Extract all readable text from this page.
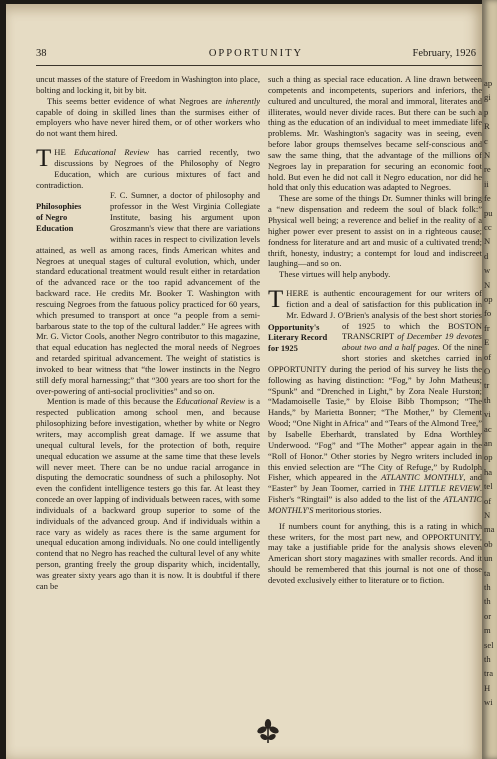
38	OPPORTUNITY	February, 1926

uncut masses of the stature of Freedom in Washington into place, bolting and locking it, bit by bit.

This seems better evidence of what Negroes are inherently capable of doing in skilled lines than the surmises either of employers who have never hired them, or of other workers who do not want them hired.

THE Educational Review has carried recently, two discussions by Negroes of the Philosophy of Negro Education, which are curious mixtures of fact and contradiction.

Philosophies
of Negro
Education
F. C. Sumner, a doctor of philosophy and professor in the West Virginia Collegiate Institute, basing his argument upon Groszmann's view that there are variations within races in respect to civilization levels attained, as well as among races, finds American whites and Negroes at unequal stages of cultural evolution, which, under standard educational treatment would result either in retardation of the advanced race or the too rapid advancement of the backward race. He credits Mr. Booker T. Washington with rescuing Negroes from the fatuous policy practiced for 60 years, which presumed to transport at once “a people from a semi-barbarous state to the top of the cultural ladder.” He agrees with Mr. G. Victor Cools, another Negro contributor to this magazine, that equal education has neglected the moral needs of Negroes and retarded spiritual advancement. The weight of statistics is invoked to bear witness that “the lower instincts in the Negro still defy moral harnessing;” that “300 years are too short for the over-powering of anti-social proclivities” and so on.

Mention is made of this because the Educational Review is a respected publication among school men, and because philosophizing before investigation, whether by white or Negro writers, may accomplish great damage. If we assume that unequal cultural levels, for the protection of both, require unequal education we assume at the same time that these levels will never meet. There can be no undue racial arrogance in disputing the democratic soundness of such a philosophy. Not even the confident intelligence testers go this far. At least they concede an over lapping of individuals between races, with some individuals of a backward group superior to some of the individuals of the advanced group. And if individuals within a race vary as widely as races there is the same argument for unequal education among individuals. No one could intelligently contend that no Negro has reached the cultural level of any white person, granting freely the group disparity which, incidentally, was greater sixty years ago than it is now. It is doubtful if there can be

such a thing as special race education. A line drawn between competents and incompetents, superiors and inferiors, the cultured and uncultured, the moral and immoral, literates and illiterates, would never divide races. But there can be such a thing as the education of an individual to meet immediate life problems. Mr. Washington's sagacity was in seeing, even before labor groups themselves became self-conscious and saw the same thing, that the advantage of the millions of Negroes lay in preparation for securing an economic foot hold. But even he did not call it Negro education, nor did he hold that only this education was adapted to Negroes.

These are some of the things Dr. Sumner thinks will bring a “new dispensation and redeem the soul of black folk:” Physical well being; a reverence and belief in the reality of a higher power ever present to assist on in a righteous cause; fondness for literature and art and music of a cultivated trend; thrift, honesty, industry; a contempt for loud and indiscreet laughing—and so on.

These virtues will help anybody.

THERE is authentic encouragement for our writers of fiction and a deal of satisfaction for this publication in Mr. Edward J. O'Brien's analysis of the best short stories of 1925 to which the
Opportunity's
Literary Record
for 1925
BOSTON TRANSCRIPT of December 19 devotes about two and a half pages. Of the nine short stories and sketches carried in OPPORTUNITY during the period of his survey he lists the following as having distinction: “Fog,” by John Matheus; “Spunk” and “Drenched in Light,” by Zora Neale Hurston; “Madamoiselle Tasie,” by Eloise Bibb Thompson; “The Hands,” by Marietta Bonner; “The Mother,” by Clement Wood; “One Night in Africa” and “Tears of the Almond Tree,” by Isabelle Eberhardt, translated by Edna Worthley Underwood. “Fog” and “The Mother” appear again in the “Roll of Honor.” Other stories by Negro writers included in this envied selection are “The City of Refuge,” by Rudolph Fisher, which appeared in the ATLANTIC MONTHLY, and “Easter” by Jean Toomer, carried in THE LITTLE REVIEW. Fisher's “Ringtail” is also added to the list of the ATLANTIC MONTHLY'S meritorious stories.

If numbers count for anything, this is a rating in which these writers, for the most part new, and OPPORTUNITY, may take a justifiable pride for the analysis shows eleven American short story magazines with smaller records. And it should be remembered that this journal is not one of those devoted exclusively either to literature or to fiction.

ap
gi
p
R
c
N
re
ii
fe
pu
cc
N
d
w
N
op
fo
fr
E
of
O
tr
th
vi
ac
an
op
ha
tel
of
N
ma
ob
un
ta
th
th
or
m
sel
th
tra
H
wi
